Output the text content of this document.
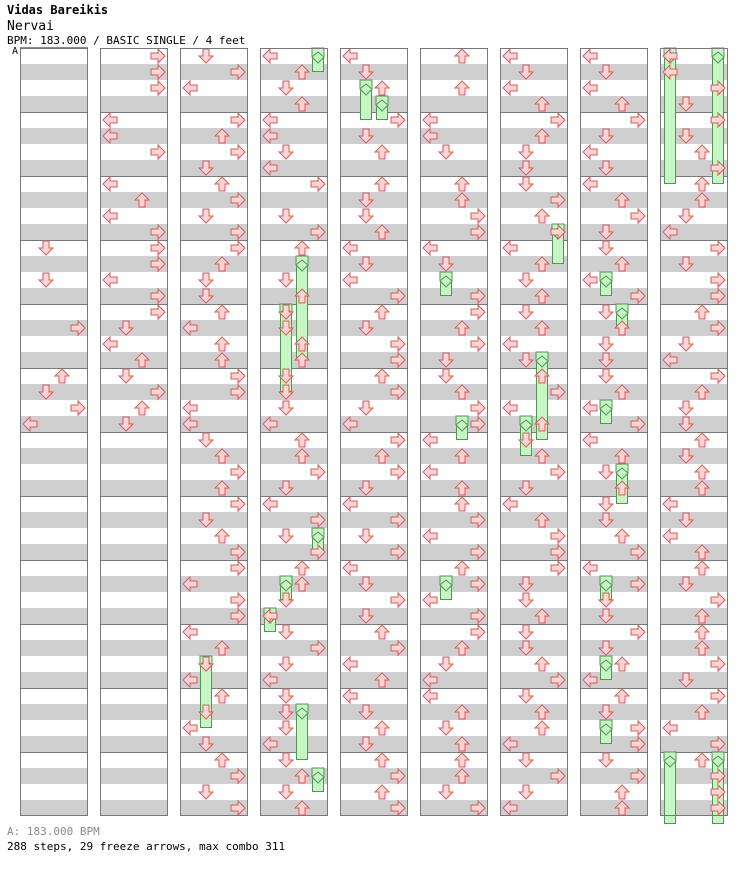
Vidas Bareikis
Nervai
BPM: 183.000 / BASIC SINGLE / 4 feet
A
A: 183.000 BPM
288 steps, 29 freeze arrows, max combo 311
